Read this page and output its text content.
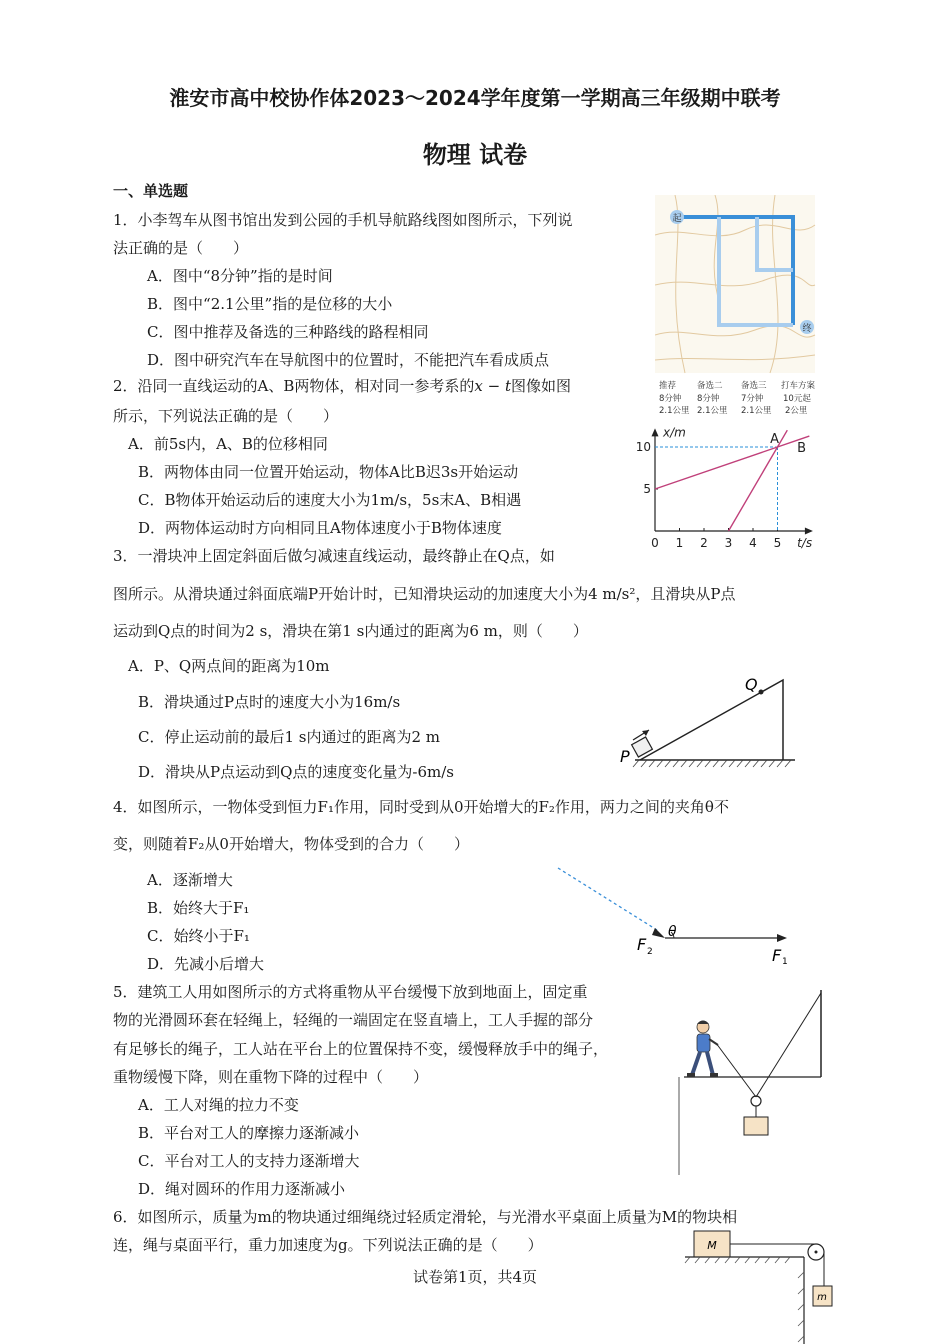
淮安市高中校协作体2023～2024学年度第一学期高三年级期中联考
物理 试卷
一、单选题
1．小李驾车从图书馆出发到公园的手机导航路线图如图所示，下列说
法正确的是（　　）
A．图中“8分钟”指的是时间
B．图中“2.1公里”指的是位移的大小
C．图中推荐及备选的三种路线的路程相同
D．图中研究汽车在导航图中的位置时，不能把汽车看成质点
起
终
推荐
8分钟
2.1公里
备选二
8分钟
2.1公里
备选三
7分钟
2.1公里
打车方案
10元起
2公里
2．沿同一直线运动的A、B两物体，相对同一参考系的x − t图像如图
所示，下列说法正确的是（　　）
A．前5s内，A、B的位移相同
B．两物体由同一位置开始运动，物体A比B迟3s开始运动
C．B物体开始运动后的速度大小为1m/s，5s末A、B相遇
D．两物体运动时方向相同且A物体速度小于B物体速度
0 1 2 3 4 5
5
10
A
B
x/m
t/s
3．一滑块冲上固定斜面后做匀减速直线运动，最终静止在Q点，如
图所示。从滑块通过斜面底端P开始计时，已知滑块运动的加速度大小为4 m/s²，且滑块从P点
运动到Q点的时间为2 s，滑块在第1 s内通过的距离为6 m，则（　　）
A．P、Q两点间的距离为10m
B．滑块通过P点时的速度大小为16m/s
C．停止运动前的最后1 s内通过的距离为2 m
D．滑块从P点运动到Q点的速度变化量为-6m/s
Q
P
4．如图所示，一物体受到恒力F₁作用，同时受到从0开始增大的F₂作用，两力之间的夹角θ不
变，则随着F₂从0开始增大，物体受到的合力（　　）
A．逐渐增大
B．始终大于F₁
C．始终小于F₁
D．先减小后增大
θ
F 2	F 1
5．建筑工人用如图所示的方式将重物从平台缓慢下放到地面上，固定重
物的光滑圆环套在轻绳上，轻绳的一端固定在竖直墙上，工人手握的部分
有足够长的绳子，工人站在平台上的位置保持不变，缓慢释放手中的绳子，
重物缓慢下降，则在重物下降的过程中（　　）
A．工人对绳的拉力不变
B．平台对工人的摩擦力逐渐减小
C．平台对工人的支持力逐渐增大
D．绳对圆环的作用力逐渐减小
6．如图所示，质量为m的物块通过细绳绕过轻质定滑轮，与光滑水平桌面上质量为M的物块相
连，绳与桌面平行，重力加速度为g。下列说法正确的是（　　）	M
m
试卷第1页，共4页
